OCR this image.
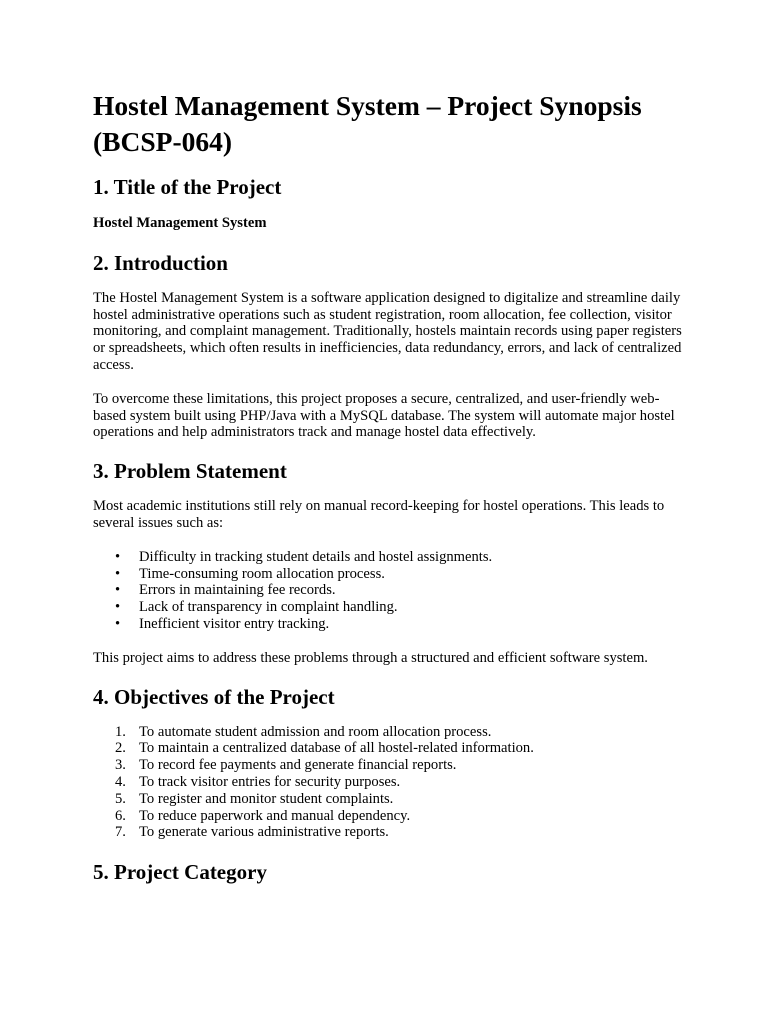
Hostel Management System – Project Synopsis (BCSP-064)
1. Title of the Project
Hostel Management System
2. Introduction
The Hostel Management System is a software application designed to digitalize and streamline daily hostel administrative operations such as student registration, room allocation, fee collection, visitor monitoring, and complaint management. Traditionally, hostels maintain records using paper registers or spreadsheets, which often results in inefficiencies, data redundancy, errors, and lack of centralized access.
To overcome these limitations, this project proposes a secure, centralized, and user-friendly web-based system built using PHP/Java with a MySQL database. The system will automate major hostel operations and help administrators track and manage hostel data effectively.
3. Problem Statement
Most academic institutions still rely on manual record-keeping for hostel operations. This leads to several issues such as:
• Difficulty in tracking student details and hostel assignments.
• Time-consuming room allocation process.
• Errors in maintaining fee records.
• Lack of transparency in complaint handling.
• Inefficient visitor entry tracking.
This project aims to address these problems through a structured and efficient software system.
4. Objectives of the Project
1. To automate student admission and room allocation process.
2. To maintain a centralized database of all hostel-related information.
3. To record fee payments and generate financial reports.
4. To track visitor entries for security purposes.
5. To register and monitor student complaints.
6. To reduce paperwork and manual dependency.
7. To generate various administrative reports.
5. Project Category
